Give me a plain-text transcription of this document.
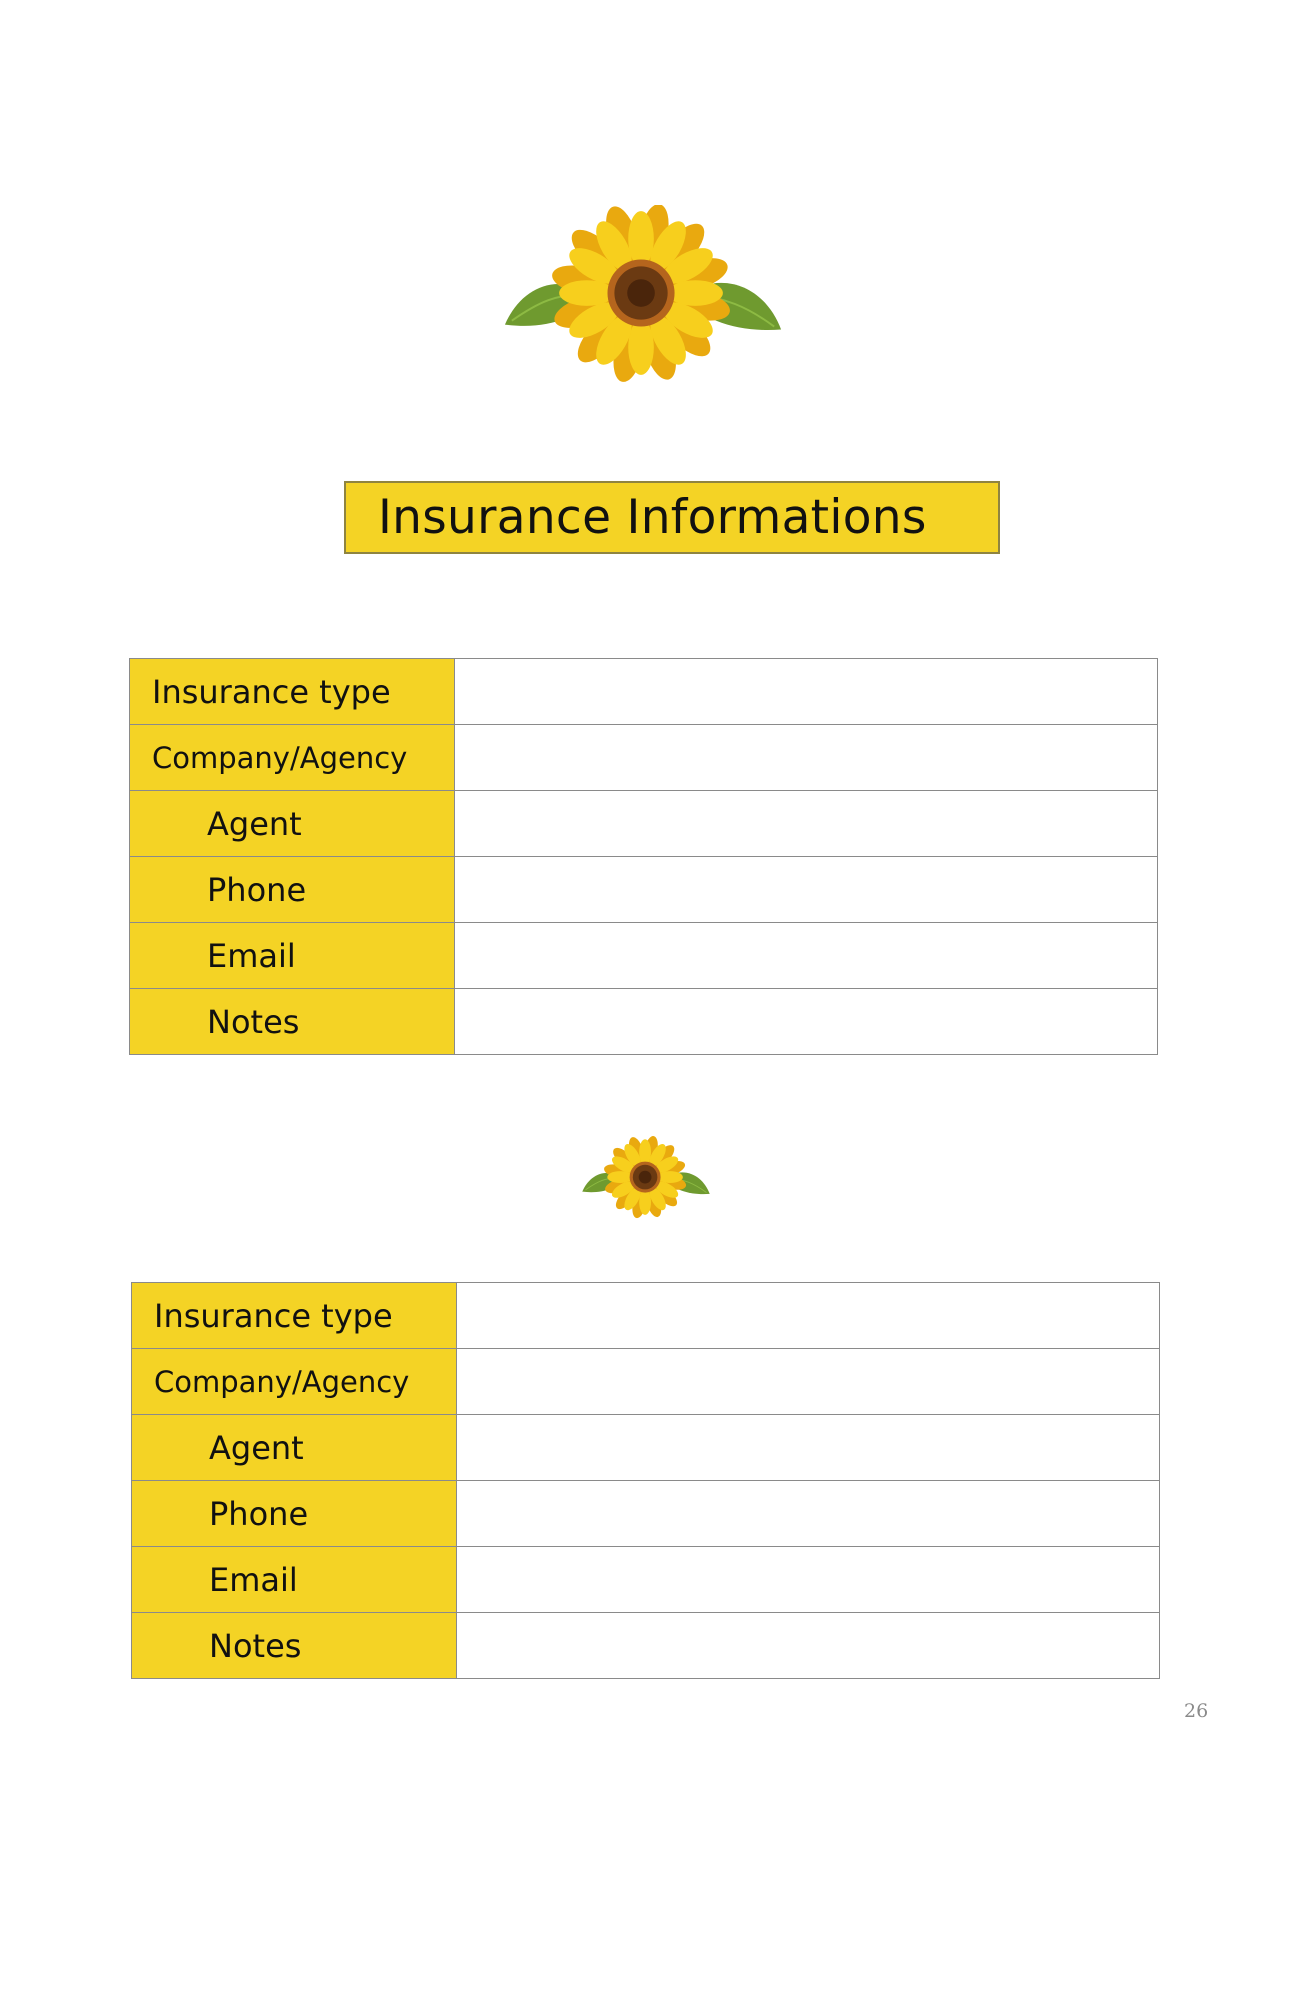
Insurance Informations
Insurance type	
Company/Agency	
Agent	
Phone	
Email	
Notes	
Insurance type	
Company/Agency	
Agent	
Phone	
Email	
Notes	
26
